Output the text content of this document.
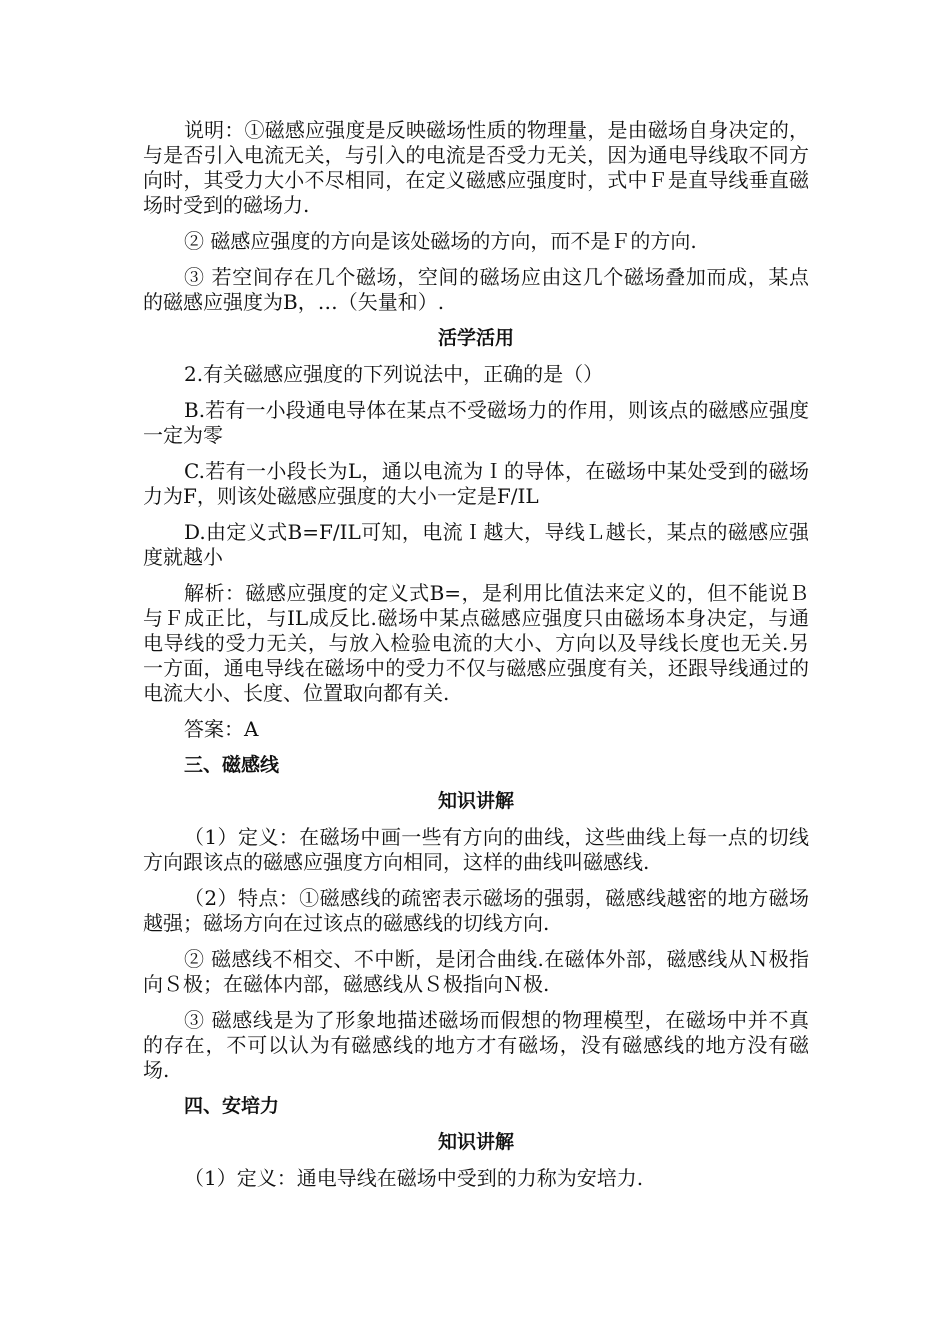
说明：①磁感应强度是反映磁场性质的物理量，是由磁场自身决定的，与是否引入电流无关，与引入的电流是否受力无关，因为通电导线取不同方向时，其受力大小不尽相同，在定义磁感应强度时，式中Ｆ是直导线垂直磁场时受到的磁场力.

② 磁感应强度的方向是该处磁场的方向，而不是Ｆ的方向.

③ 若空间存在几个磁场，空间的磁场应由这几个磁场叠加而成，某点的磁感应强度为B，…（矢量和）.

活学活用

2.有关磁感应强度的下列说法中，正确的是（）

B.若有一小段通电导体在某点不受磁场力的作用，则该点的磁感应强度一定为零

C.若有一小段长为L，通以电流为Ｉ的导体，在磁场中某处受到的磁场力为F，则该处磁感应强度的大小一定是F/IL

D.由定义式B=F/IL可知，电流Ｉ越大，导线Ｌ越长，某点的磁感应强度就越小

解析：磁感应强度的定义式B=，是利用比值法来定义的，但不能说Ｂ与Ｆ成正比，与IL成反比.磁场中某点磁感应强度只由磁场本身决定，与通电导线的受力无关，与放入检验电流的大小、方向以及导线长度也无关.另一方面，通电导线在磁场中的受力不仅与磁感应强度有关，还跟导线通过的电流大小、长度、位置取向都有关.

答案：A

三、磁感线

知识讲解

（1）定义：在磁场中画一些有方向的曲线，这些曲线上每一点的切线方向跟该点的磁感应强度方向相同，这样的曲线叫磁感线.

（2）特点：①磁感线的疏密表示磁场的强弱，磁感线越密的地方磁场越强；磁场方向在过该点的磁感线的切线方向.

② 磁感线不相交、不中断，是闭合曲线.在磁体外部，磁感线从Ｎ极指向Ｓ极；在磁体内部，磁感线从Ｓ极指向Ｎ极.

③ 磁感线是为了形象地描述磁场而假想的物理模型，在磁场中并不真的存在，不可以认为有磁感线的地方才有磁场，没有磁感线的地方没有磁场.

四、安培力

知识讲解

（1）定义：通电导线在磁场中受到的力称为安培力.
